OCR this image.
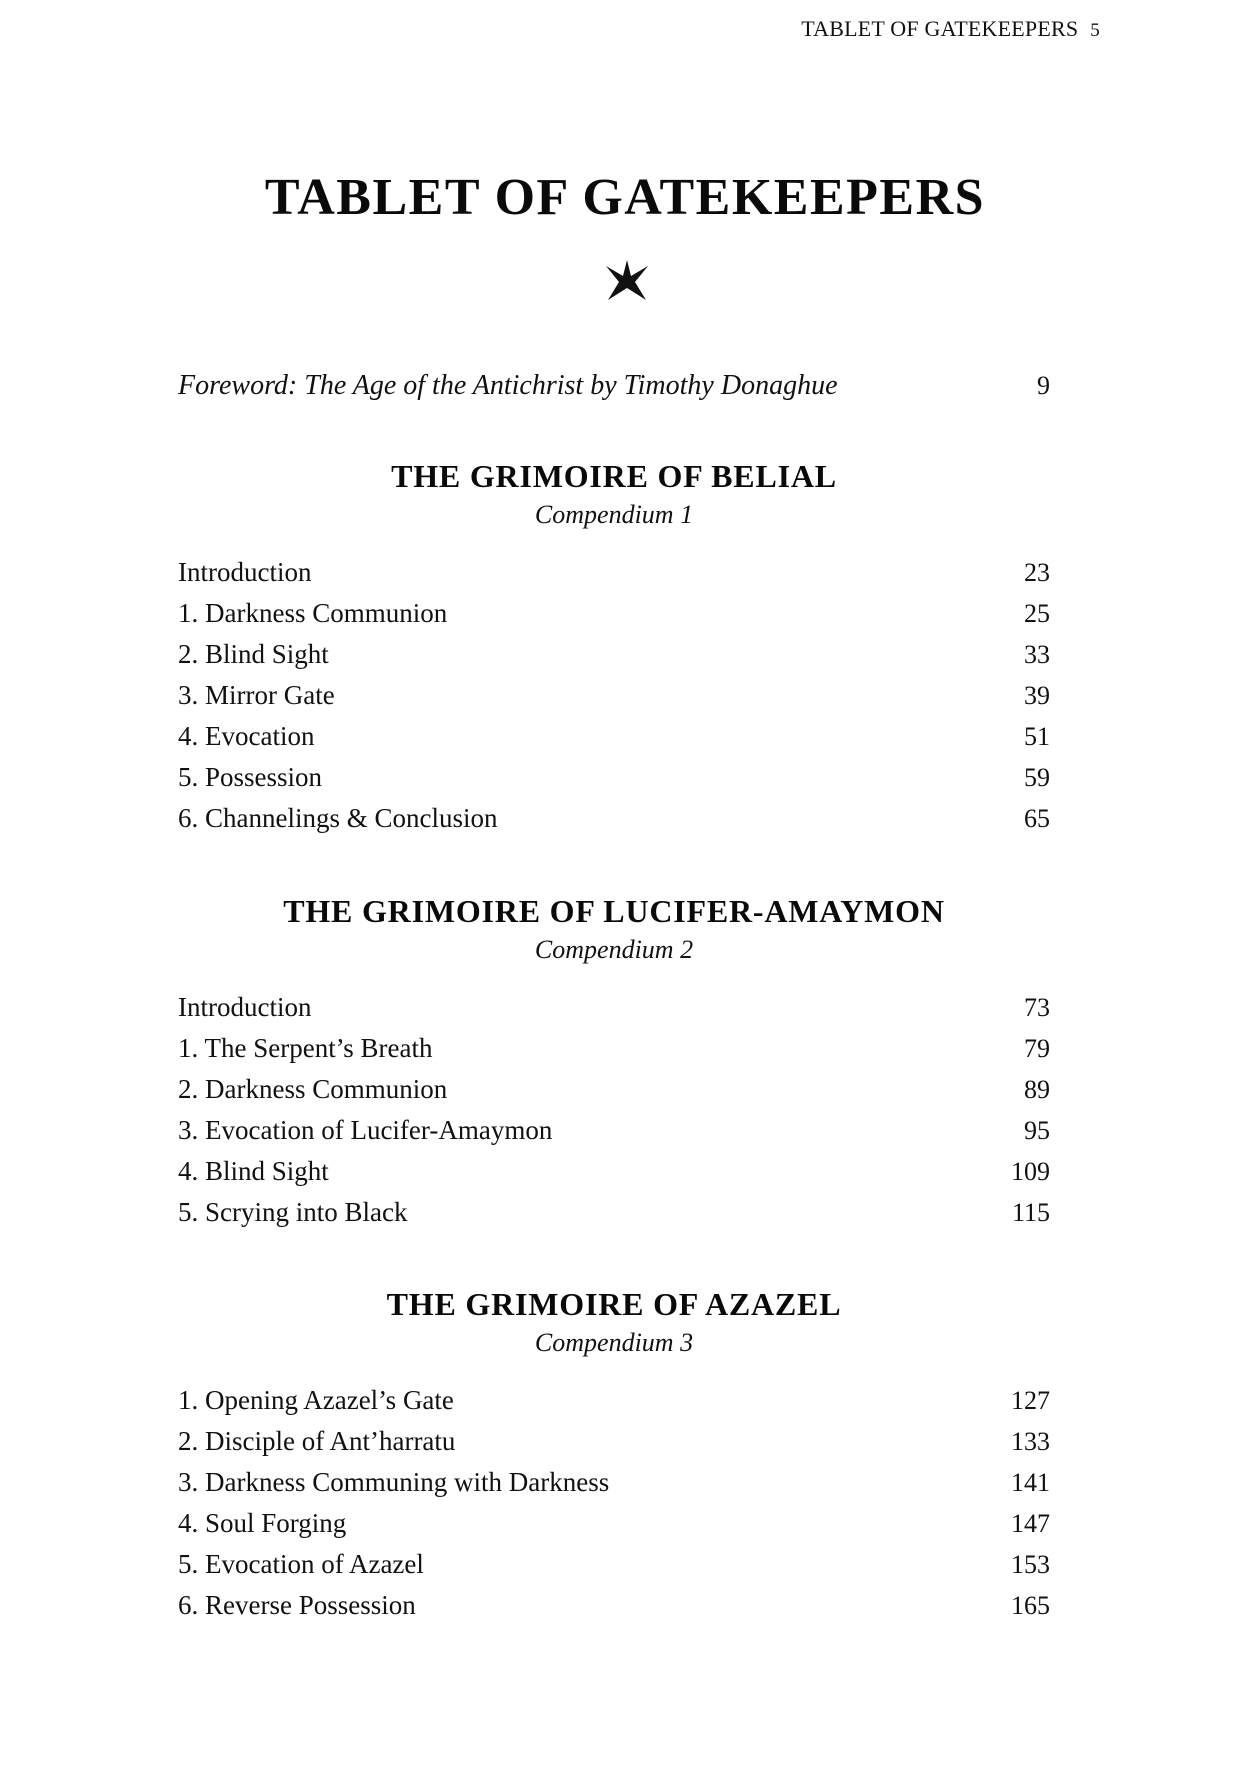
TABLET OF GATEKEEPERS 5
TABLET OF GATEKEEPERS
Foreword: The Age of the Antichrist by Timothy Donaghue	9
THE GRIMOIRE OF BELIAL
Compendium 1
Introduction	23
1. Darkness Communion	25
2. Blind Sight	33
3. Mirror Gate	39
4. Evocation	51
5. Possession	59
6. Channelings & Conclusion	65
THE GRIMOIRE OF LUCIFER-AMAYMON
Compendium 2
Introduction	73
1. The Serpent’s Breath	79
2. Darkness Communion	89
3. Evocation of Lucifer-Amaymon	95
4. Blind Sight	109
5. Scrying into Black	115
THE GRIMOIRE OF AZAZEL
Compendium 3
1. Opening Azazel’s Gate	127
2. Disciple of Ant’harratu	133
3. Darkness Communing with Darkness	141
4. Soul Forging	147
5. Evocation of Azazel	153
6. Reverse Possession	165
